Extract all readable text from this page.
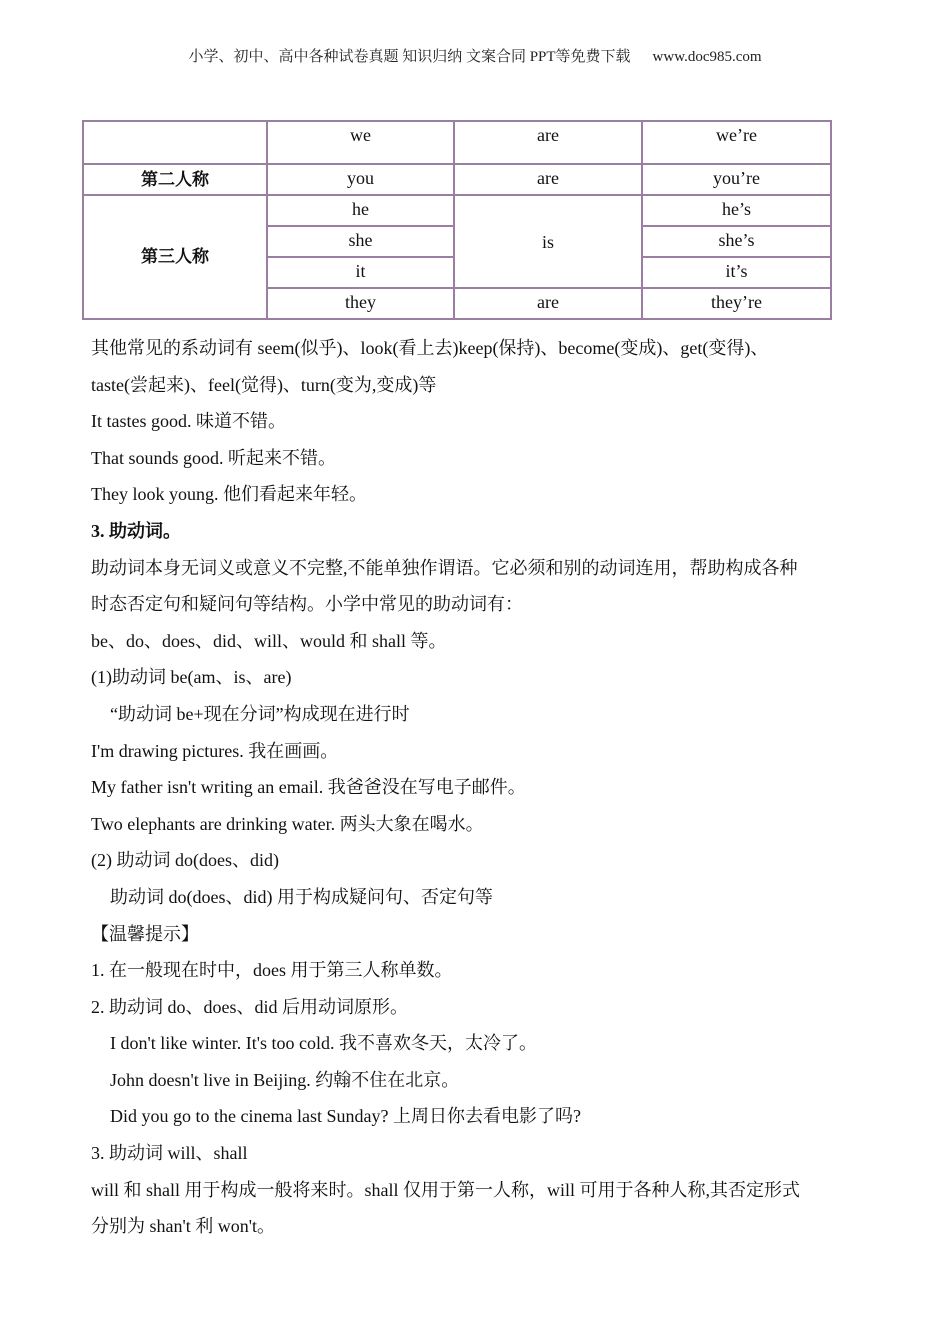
小学、初中、高中各种试卷真题 知识归纳 文案合同 PPT等免费下载 www.doc985.com
	we	are	we’re
第二人称	you	are	you’re
第三人称	he	is	he’s
	she		she’s
	it		it’s
	they	are	they’re

其他常见的系动词有 seem(似乎)、look(看上去)keep(保持)、become(变成)、get(变得)、

taste(尝起来)、feel(觉得)、turn(变为,变成)等

It tastes good. 味道不错。

That sounds good. 听起来不错。

They look young. 他们看起来年轻。

3. 助动词。

助动词本身无词义或意义不完整,不能单独作谓语。它必须和别的动词连用，帮助构成各种

时态否定句和疑问句等结构。小学中常见的助动词有：

be、do、does、did、will、would 和 shall 等。

(1)助动词 be(am、is、are)

“助动词 be+现在分词”构成现在进行时

I'm drawing pictures. 我在画画。

My father isn't writing an email. 我爸爸没在写电子邮件。

Two elephants are drinking water. 两头大象在喝水。

(2) 助动词 do(does、did)

助动词 do(does、did) 用于构成疑问句、否定句等

【温馨提示】

1. 在一般现在时中，does 用于第三人称单数。

2. 助动词 do、does、did 后用动词原形。

I don't like winter. It's too cold. 我不喜欢冬天，太冷了。

John doesn't live in Beijing. 约翰不住在北京。

Did you go to the cinema last Sunday? 上周日你去看电影了吗?

3. 助动词 will、shall

will 和 shall 用于构成一般将来时。shall 仅用于第一人称，will 可用于各种人称,其否定形式

分别为 shan't 利 won't。
